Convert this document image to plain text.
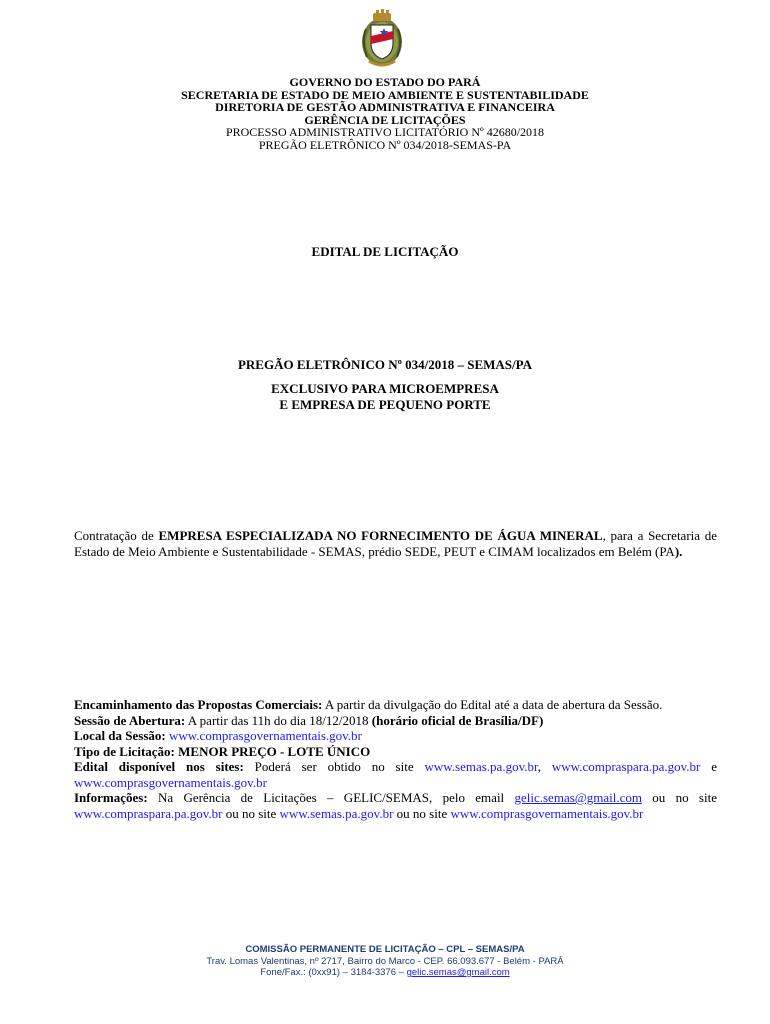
GOVERNO DO ESTADO DO PARÁ
SECRETARIA DE ESTADO DE MEIO AMBIENTE E SUSTENTABILIDADE
DIRETORIA DE GESTÃO ADMINISTRATIVA E FINANCEIRA
GERÊNCIA DE LICITAÇÕES
PROCESSO ADMINISTRATIVO LICITATÓRIO Nº 42680/2018
PREGÃO ELETRÔNICO Nº 034/2018-SEMAS-PA
EDITAL DE LICITAÇÃO
PREGÃO ELETRÔNICO Nº 034/2018 – SEMAS/PA
EXCLUSIVO PARA MICROEMPRESA
E EMPRESA DE PEQUENO PORTE
Contratação de EMPRESA ESPECIALIZADA NO FORNECIMENTO DE ÁGUA MINERAL, para a Secretaria de Estado de Meio Ambiente e Sustentabilidade - SEMAS, prédio SEDE, PEUT e CIMAM localizados em Belém (PA).
Encaminhamento das Propostas Comerciais: A partir da divulgação do Edital até a data de abertura da Sessão.
Sessão de Abertura: A partir das 11h do dia 18/12/2018 (horário oficial de Brasília/DF)
Local da Sessão: www.comprasgovernamentais.gov.br
Tipo de Licitação: MENOR PREÇO - LOTE ÚNICO
Edital disponível nos sites: Poderá ser obtido no site www.semas.pa.gov.br, www.compraspara.pa.gov.br e www.comprasgovernamentais.gov.br
Informações: Na Gerência de Licitações – GELIC/SEMAS, pelo email gelic.semas@gmail.com ou no site www.compraspara.pa.gov.br ou no site www.semas.pa.gov.br ou no site www.comprasgovernamentais.gov.br
COMISSÃO PERMANENTE DE LICITAÇÃO – CPL – SEMAS/PA
Trav. Lomas Valentinas, nº 2717, Bairro do Marco - CEP. 66.093.677 - Belém - PARÁ
Fone/Fax.: (0xx91) – 3184-3376 – gelic.semas@gmail.com
